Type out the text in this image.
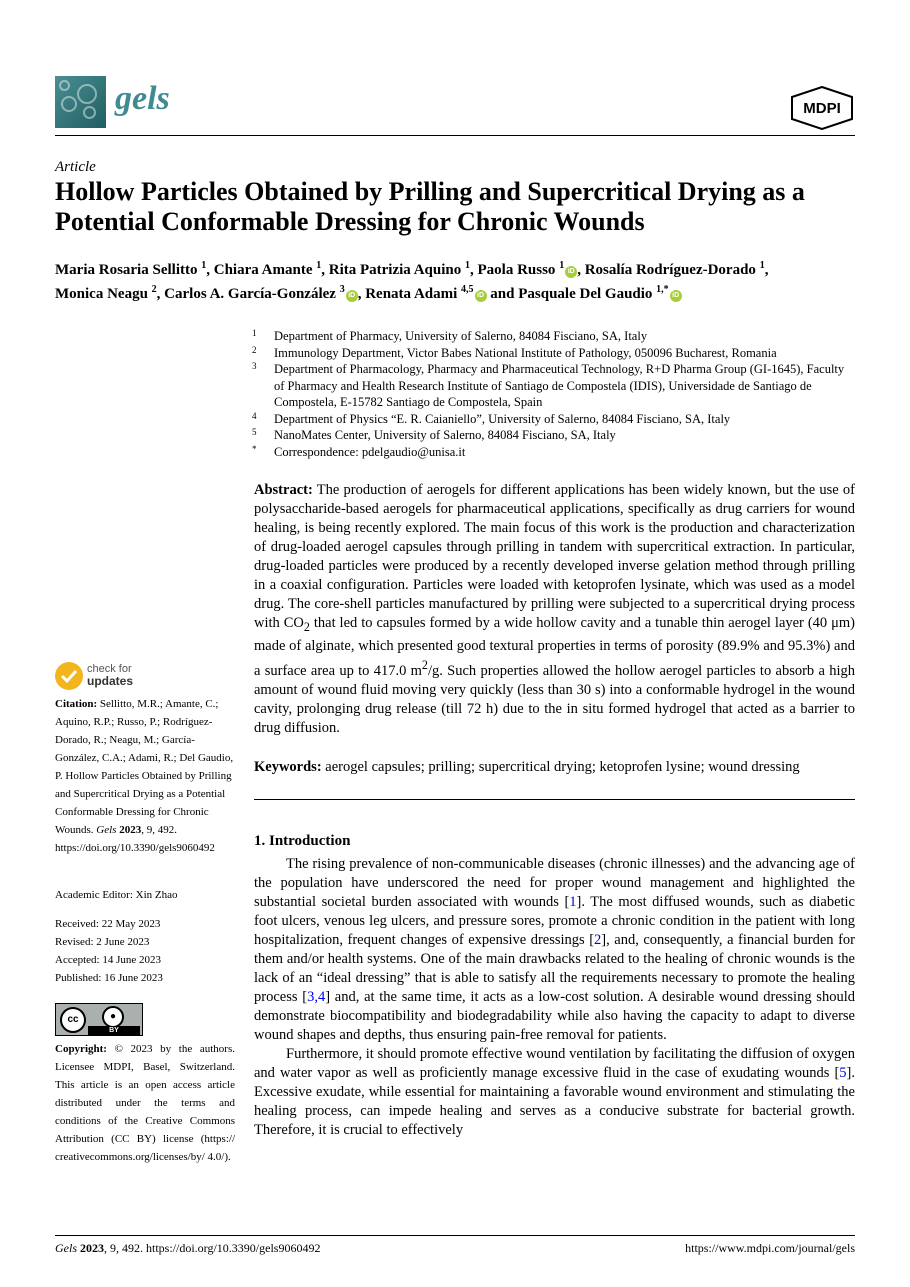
gels	MDPI
Article
Hollow Particles Obtained by Prilling and Supercritical Drying as a Potential Conformable Dressing for Chronic Wounds
Maria Rosaria Sellitto $^1$, Chiara Amante $^1$, Rita Patrizia Aquino $^1$, Paola Russo $^1$iD , Rosalía Rodríguez-Dorado $^1$,
Monica Neagu $^2$, Carlos A. García-González $^3$iD , Renata Adami $^{4,5}$iD and Pasquale Del Gaudio $^{1,*}$iD
1 Department of Pharmacy, University of Salerno, 84084 Fisciano, SA, Italy
2 Immunology Department, Victor Babes National Institute of Pathology, 050096 Bucharest, Romania
3 Department of Pharmacology, Pharmacy and Pharmaceutical Technology, R+D Pharma Group (GI-1645), Faculty of Pharmacy and Health Research Institute of Santiago de Compostela (IDIS), Universidade de Santiago de Compostela, E-15782 Santiago de Compostela, Spain
4 Department of Physics “E. R. Caianiello”, University of Salerno, 84084 Fisciano, SA, Italy
5 NanoMates Center, University of Salerno, 84084 Fisciano, SA, Italy
* Correspondence: pdelgaudio@unisa.it
Abstract: The production of aerogels for different applications has been widely known, but the use of polysaccharide-based aerogels for pharmaceutical applications, specifically as drug carriers for wound healing, is being recently explored. The main focus of this work is the production and characterization of drug-loaded aerogel capsules through prilling in tandem with supercritical extraction. In particular, drug-loaded particles were produced by a recently developed inverse gelation method through prilling in a coaxial configuration. Particles were loaded with ketoprofen lysinate, which was used as a model drug. The core-shell particles manufactured by prilling were subjected to a supercritical drying process with $CO_2$ that led to capsules formed by a wide hollow cavity and a tunable thin aerogel layer (40 μm) made of alginate, which presented good textural properties in terms of porosity (89.9% and 95.3%) and a surface area up to 417.0 $m^2/g$. Such properties allowed the hollow aerogel particles to absorb a high amount of wound fluid moving very quickly (less than 30 s) into a conformable hydrogel in the wound cavity, prolonging drug release (till 72 h) due to the in situ formed hydrogel that acted as a barrier to drug diffusion.
Keywords: aerogel capsules; prilling; supercritical drying; ketoprofen lysine; wound dressing
1. Introduction

The rising prevalence of non-communicable diseases (chronic illnesses) and the advancing age of the population have underscored the need for proper wound management and highlighted the substantial societal burden associated with wounds [1]. The most diffused wounds, such as diabetic foot ulcers, venous leg ulcers, and pressure sores, promote a chronic condition in the patient with long hospitalization, frequent changes of expensive dressings [2], and, consequently, a financial burden for them and/or health systems. One of the main drawbacks related to the healing of chronic wounds is the lack of an “ideal dressing” that is able to satisfy all the requirements necessary to promote the healing process [3,4] and, at the same time, it acts as a low-cost solution. A desirable wound dressing should demonstrate biocompatibility and biodegradability while also having the capacity to adapt to diverse wound shapes and depths, thus ensuring pain-free removal for patients.

Furthermore, it should promote effective wound ventilation by facilitating the diffusion of oxygen and water vapor as well as proficiently manage excessive fluid in the case of exudating wounds [5]. Excessive exudate, while essential for maintaining a favorable wound environment and stimulating the healing process, can impede healing and serves as a conducive substrate for bacterial growth. Therefore, it is crucial to effectively

check for
updates
Citation: Sellitto, M.R.; Amante, C.; Aquino, R.P.; Russo, P.; Rodríguez-Dorado, R.; Neagu, M.; García-González, C.A.; Adami, R.; Del Gaudio, P. Hollow Particles Obtained by Prilling and Supercritical Drying as a Potential Conformable Dressing for Chronic Wounds. Gels 2023, 9, 492. https://doi.org/10.3390/gels9060492
Academic Editor: Xin Zhao
Received: 22 May 2023
Revised: 2 June 2023
Accepted: 14 June 2023
Published: 16 June 2023
cc	●
BY
Copyright: © 2023 by the authors. Licensee MDPI, Basel, Switzerland. This article is an open access article distributed under the terms and conditions of the Creative Commons Attribution (CC BY) license (https:// creativecommons.org/licenses/by/ 4.0/).
Gels 2023, 9, 492. https://doi.org/10.3390/gels9060492	https://www.mdpi.com/journal/gels
